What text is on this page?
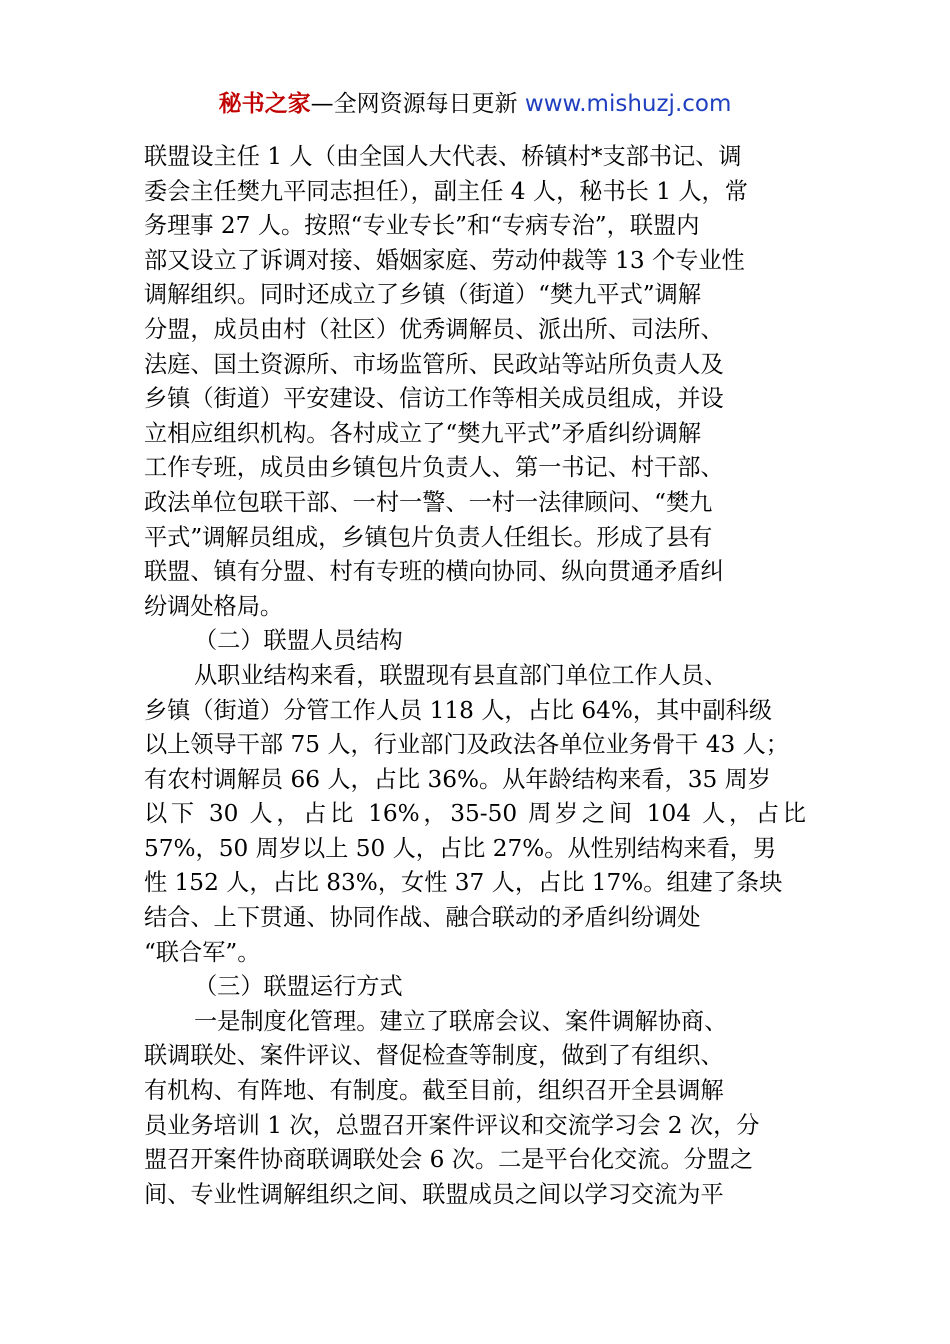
秘书之家—全网资源每日更新 www.mishuzj.com
联盟设主任 1 人（由全国人大代表、桥镇村*支部书记、调
委会主任樊九平同志担任），副主任 4 人，秘书长 1 人，常
务理事 27 人。按照“专业专长”和“专病专治”，联盟内
部又设立了诉调对接、婚姻家庭、劳动仲裁等 13 个专业性
调解组织。同时还成立了乡镇（街道）“樊九平式”调解
分盟，成员由村（社区）优秀调解员、派出所、司法所、
法庭、国土资源所、市场监管所、民政站等站所负责人及
乡镇（街道）平安建设、信访工作等相关成员组成，并设
立相应组织机构。各村成立了“樊九平式”矛盾纠纷调解
工作专班，成员由乡镇包片负责人、第一书记、村干部、
政法单位包联干部、一村一警、一村一法律顾问、“樊九
平式”调解员组成，乡镇包片负责人任组长。形成了县有
联盟、镇有分盟、村有专班的横向协同、纵向贯通矛盾纠
纷调处格局。
（二）联盟人员结构
从职业结构来看，联盟现有县直部门单位工作人员、
乡镇（街道）分管工作人员 118 人，占比 64%，其中副科级
以上领导干部 75 人，行业部门及政法各单位业务骨干 43 人；
有农村调解员 66 人，占比 36%。从年龄结构来看，35 周岁
以下 30 人，占比 16%，35-50 周岁之间 104 人，占比
57%，50 周岁以上 50 人，占比 27%。从性别结构来看，男
性 152 人，占比 83%，女性 37 人，占比 17%。组建了条块
结合、上下贯通、协同作战、融合联动的矛盾纠纷调处
“联合军”。
（三）联盟运行方式
一是制度化管理。建立了联席会议、案件调解协商、
联调联处、案件评议、督促检查等制度，做到了有组织、
有机构、有阵地、有制度。截至目前，组织召开全县调解
员业务培训 1 次，总盟召开案件评议和交流学习会 2 次，分
盟召开案件协商联调联处会 6 次。二是平台化交流。分盟之
间、专业性调解组织之间、联盟成员之间以学习交流为平
